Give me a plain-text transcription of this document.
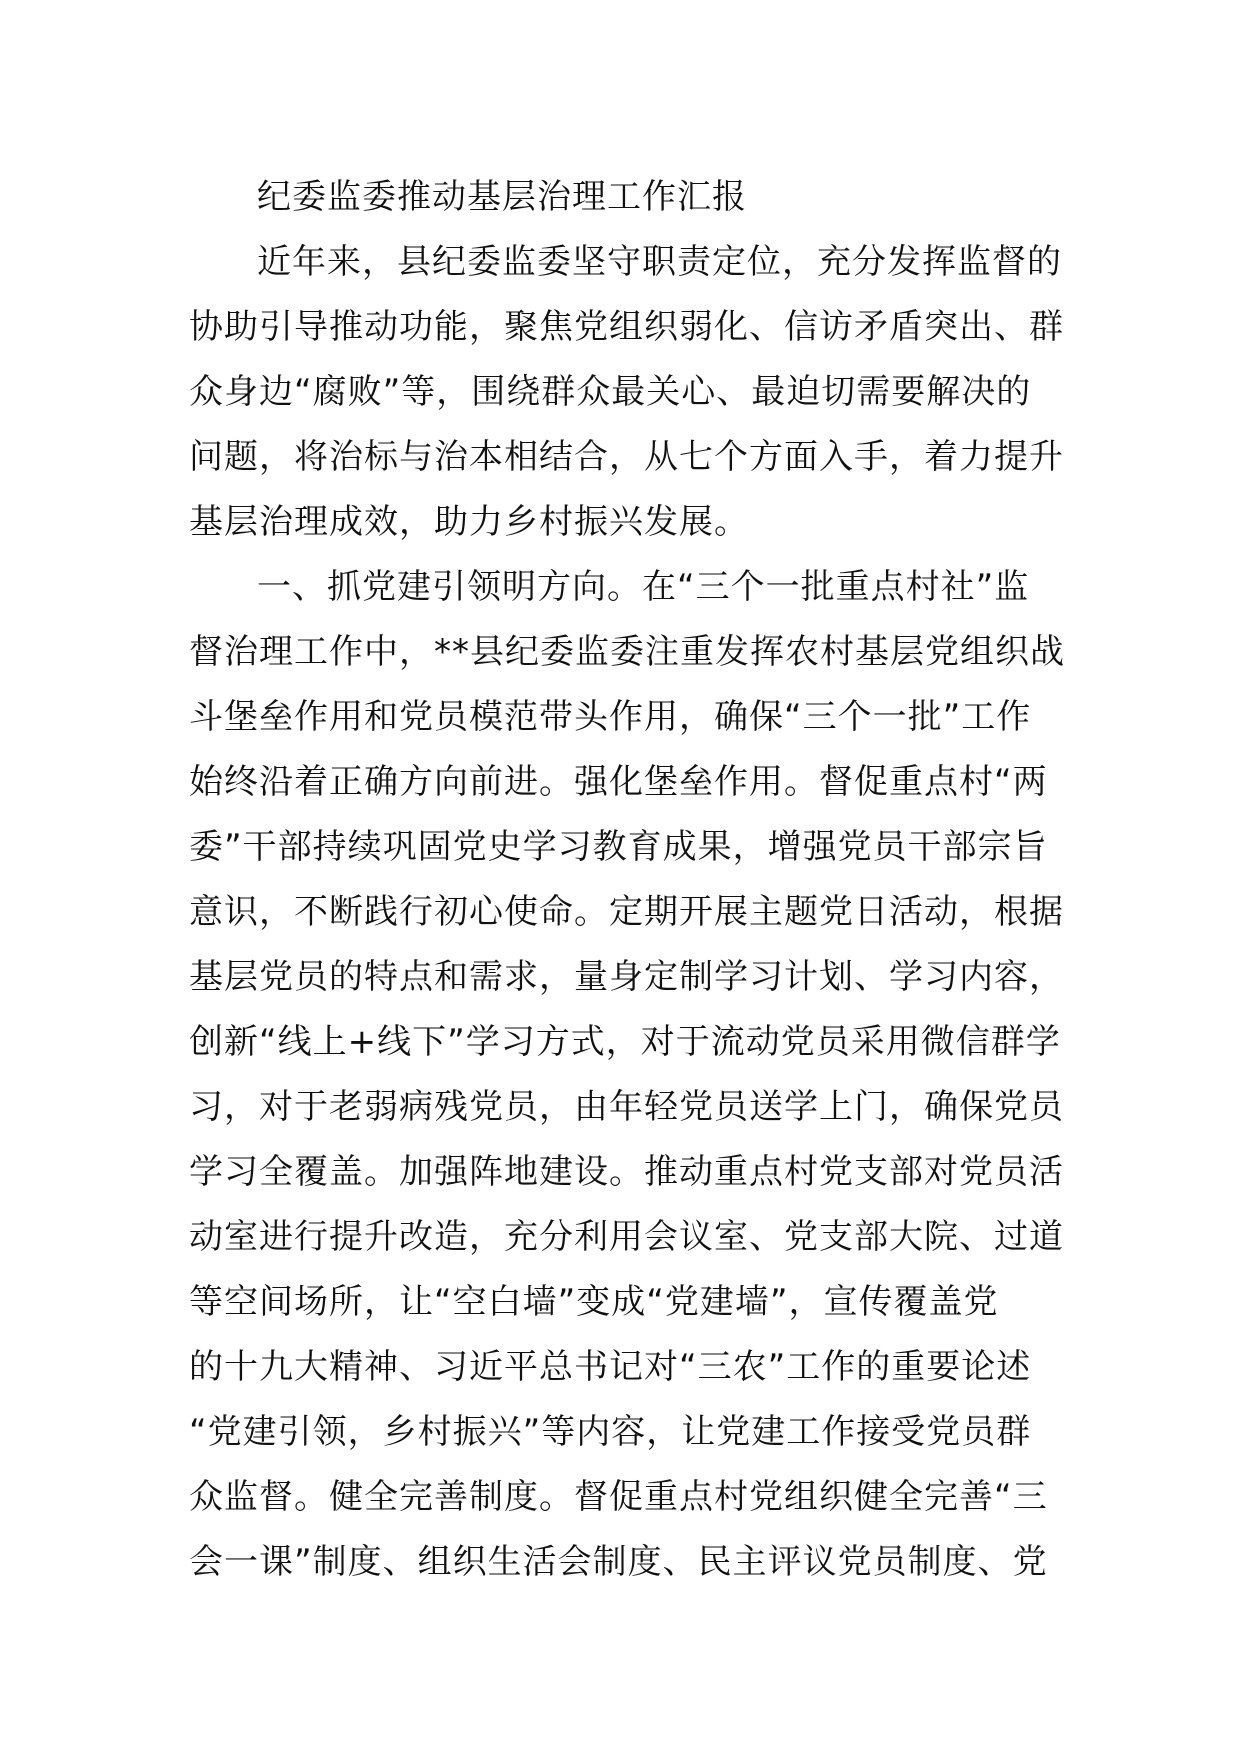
纪委监委推动基层治理工作汇报
近年来，县纪委监委坚守职责定位，充分发挥监督的
协助引导推动功能，聚焦党组织弱化、信访矛盾突出、群
众身边“腐败”等，围绕群众最关心、最迫切需要解决的
问题，将治标与治本相结合，从七个方面入手，着力提升
基层治理成效，助力乡村振兴发展。
一、抓党建引领明方向。在“三个一批重点村社”监
督治理工作中，**县纪委监委注重发挥农村基层党组织战
斗堡垒作用和党员模范带头作用，确保“三个一批”工作
始终沿着正确方向前进。强化堡垒作用。督促重点村“两
委”干部持续巩固党史学习教育成果，增强党员干部宗旨
意识，不断践行初心使命。定期开展主题党日活动，根据
基层党员的特点和需求，量身定制学习计划、学习内容，
创新“线上+线下”学习方式，对于流动党员采用微信群学
习，对于老弱病残党员，由年轻党员送学上门，确保党员
学习全覆盖。加强阵地建设。推动重点村党支部对党员活
动室进行提升改造，充分利用会议室、党支部大院、过道
等空间场所，让“空白墙”变成“党建墙”，宣传覆盖党
的十九大精神、习近平总书记对“三农”工作的重要论述
“党建引领，乡村振兴”等内容，让党建工作接受党员群
众监督。健全完善制度。督促重点村党组织健全完善“三
会一课”制度、组织生活会制度、民主评议党员制度、党
